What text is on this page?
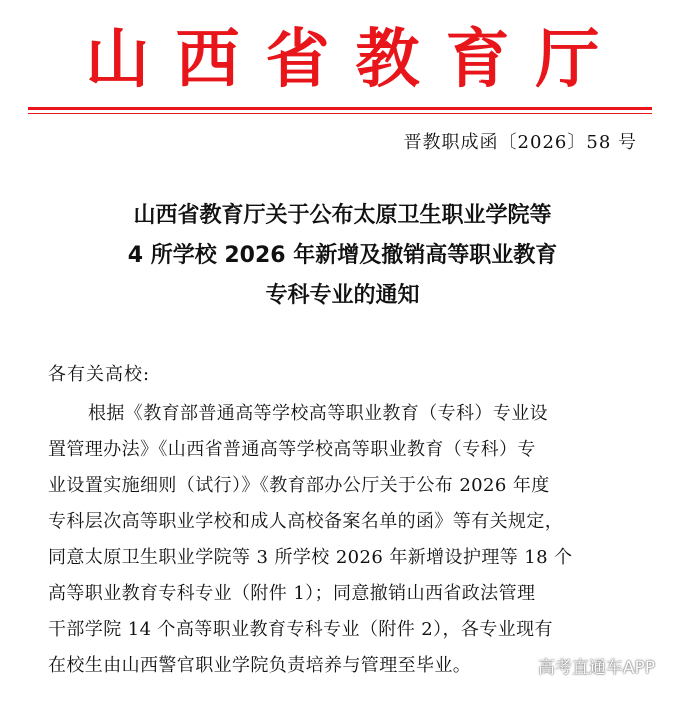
山西省教育厅
晋教职成函〔2026〕58 号
山西省教育厅关于公布太原卫生职业学院等
4 所学校 2026 年新增及撤销高等职业教育
专科专业的通知
各有关高校:
根据《教育部普通高等学校高等职业教育（专科）专业设
置管理办法》《山西省普通高等学校高等职业教育（专科）专
业设置实施细则（试行）》《教育部办公厅关于公布 2026 年度
专科层次高等职业学校和成人高校备案名单的函》等有关规定，
同意太原卫生职业学院等 3 所学校 2026 年新增设护理等 18 个
高等职业教育专科专业（附件 1）；同意撤销山西省政法管理
干部学院 14 个高等职业教育专科专业（附件 2），各专业现有
在校生由山西警官职业学院负责培养与管理至毕业。	高考直通车APP
